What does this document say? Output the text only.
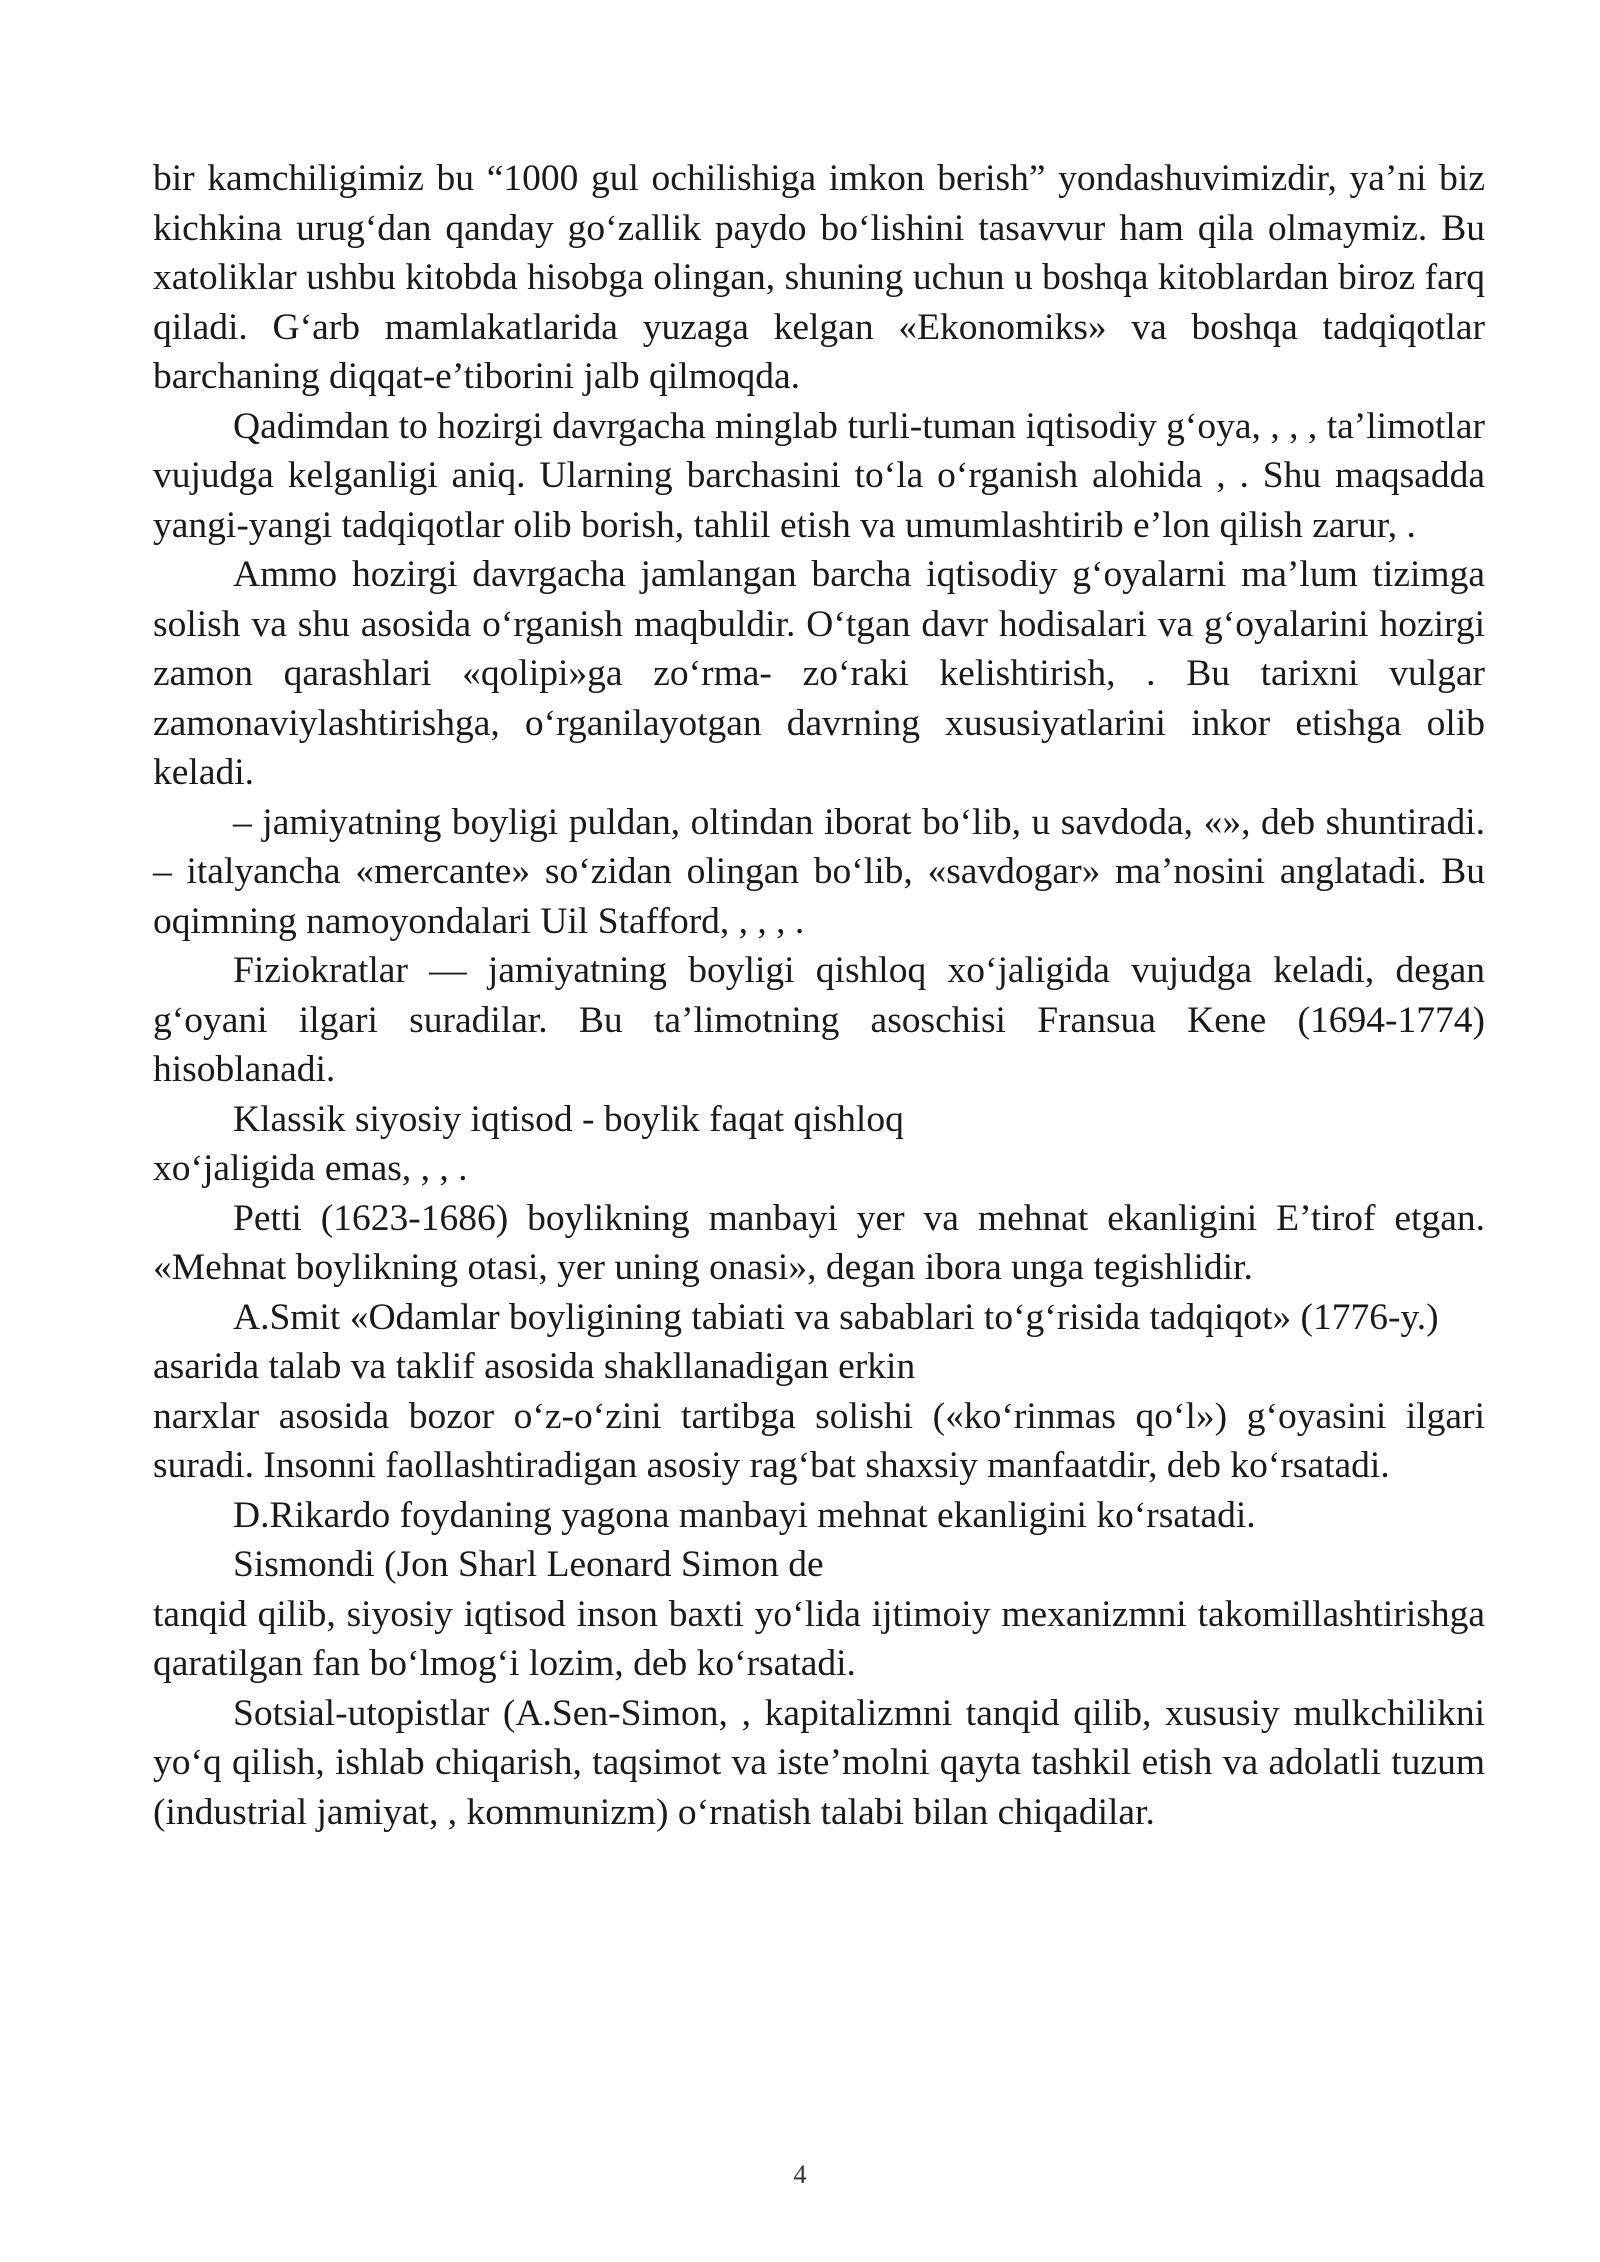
bir kamchiligimiz bu “1000 gul ochilishiga imkon berish” yondashuvimizdir, ya’ni biz kichkina urug‘dan qanday go‘zallik paydo bo‘lishini tasavvur ham qila olmaymiz. Bu xatoliklar ushbu kitobda hisobga olingan, shuning uchun u boshqa kitoblardan biroz farq qiladi. G‘arb mamlakatlarida yuzaga kelgan «Ekonomiks» va boshqa tadqiqotlar barchaning diqqat-e’tiborini jalb qilmoqda.

Qadimdan to hozirgi davrgacha minglab turli-tuman iqtisodiy g‘oya, , , , ta’limotlar vujudga kelganligi aniq. Ularning barchasini to‘la o‘rganish alohida , . Shu maqsadda yangi-yangi tadqiqotlar olib borish, tahlil etish va umumlashtirib e’lon qilish zarur, .

Ammo hozirgi davrgacha jamlangan barcha iqtisodiy g‘oyalarni ma’lum tizimga solish va shu asosida o‘rganish maqbuldir. O‘tgan davr hodisalari va g‘oyalarini hozirgi zamon qarashlari «qolipi»ga zo‘rma- zo‘raki kelishtirish, . Bu tarixni vulgar zamonaviylashtirishga, o‘rganilayotgan davrning xususiyatlarini inkor etishga olib keladi.

– jamiyatning boyligi puldan, oltindan iborat bo‘lib, u savdoda, «», deb shuntiradi. – italyancha «mercante» so‘zidan olingan bo‘lib, «savdogar» ma’nosini anglatadi. Bu oqimning namoyondalari Uil Stafford, , , , .

Fiziokratlar — jamiyatning boyligi qishloq xo‘jaligida vujudga keladi, degan g‘oyani ilgari suradilar. Bu ta’limotning asoschisi Fransua Kene (1694-1774) hisoblanadi.

Klassik siyosiy iqtisod - boylik faqat qishloq

xo‘jaligida emas, , , .

Petti (1623-1686) boylikning manbayi yer va mehnat ekanligini E’tirof etgan. «Mehnat boylikning otasi, yer uning onasi», degan ibora unga tegishlidir.

A.Smit «Odamlar boyligining tabiati va sabablari to‘g‘risida tadqiqot» (1776-y.) asarida talab va taklif asosida shakllanadigan erkin

narxlar asosida bozor o‘z-o‘zini tartibga solishi («ko‘rinmas qo‘l») g‘oyasini ilgari suradi. Insonni faollashtiradigan asosiy rag‘bat shaxsiy manfaatdir, deb ko‘rsatadi.

D.Rikardo foydaning yagona manbayi mehnat ekanligini ko‘rsatadi.

Sismondi (Jon Sharl Leonard Simon de

tanqid qilib, siyosiy iqtisod inson baxti yo‘lida ijtimoiy mexanizmni takomillashtirishga qaratilgan fan bo‘lmog‘i lozim, deb ko‘rsatadi.

Sotsial-utopistlar (A.Sen-Simon, , kapitalizmni tanqid qilib, xususiy mulkchilikni yo‘q qilish, ishlab chiqarish, taqsimot va iste’molni qayta tashkil etish va adolatli tuzum (industrial jamiyat, , kommunizm) o‘rnatish talabi bilan chiqadilar.

4
